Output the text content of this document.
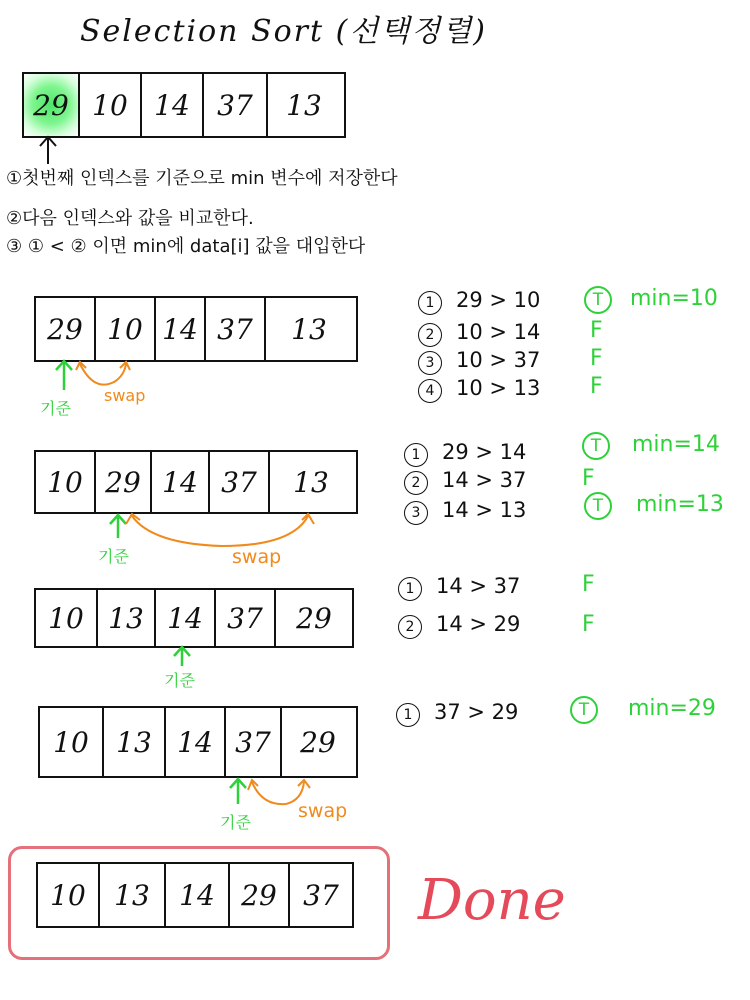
Selection Sort (선택정렬)
29 10 14 37	13
①첫번째 인덱스를 기준으로 min 변수에 저장한다
②다음 인덱스와 값을 비교한다.
③ ① < ② 이면 min에 data[i] 값을 대입한다
29 10 14 37	13
기준
swap
1 29 > 10	T	min=10
2 10 > 14 F
3 10 > 37 F
4 10 > 13 F
10 29 14 37	13
기준	swap
1 29 > 14	T	min=14
2 14 > 37	F
3 14 > 13	T	min=13
10 13 14 37	29
기준
1 14 > 37	F
2 14 > 29	F
10 13 14 37	29
기준
swap
1 37 > 29	T	min=29
10	13	14 29 37 Done
